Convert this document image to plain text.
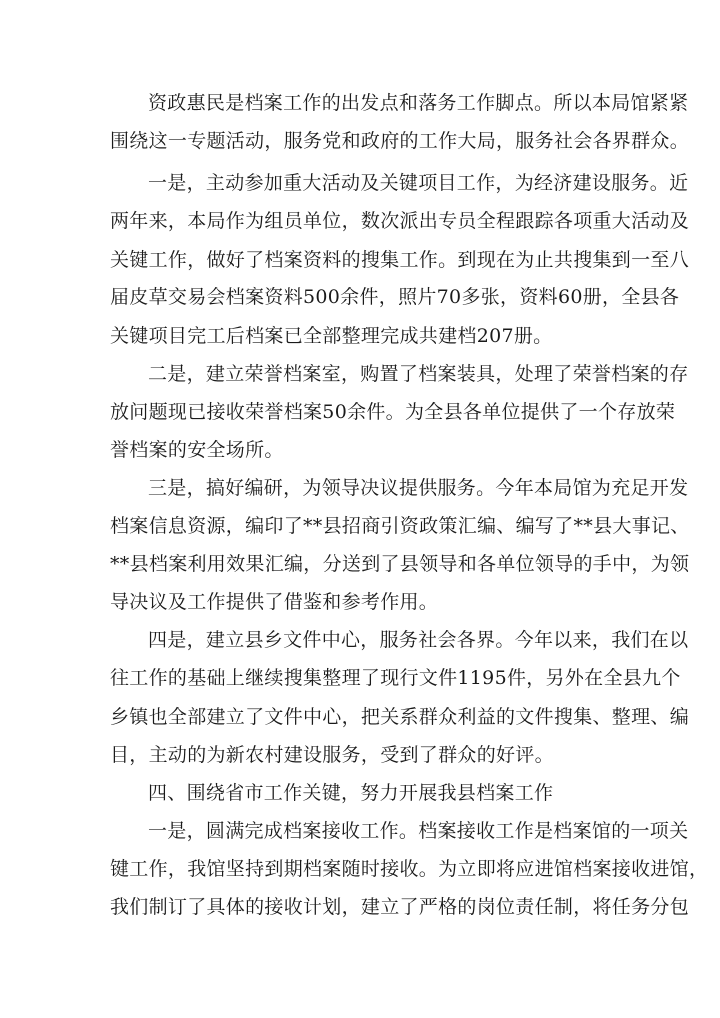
资政惠民是档案工作的出发点和落务工作脚点。所以本局馆紧紧
围绕这一专题活动，服务党和政府的工作大局，服务社会各界群众。
一是，主动参加重大活动及关键项目工作，为经济建设服务。近
两年来，本局作为组员单位，数次派出专员全程跟踪各项重大活动及
关键工作，做好了档案资料的搜集工作。到现在为止共搜集到一至八
届皮草交易会档案资料500余件，照片70多张，资料60册，全县各
关键项目完工后档案已全部整理完成共建档207册。
二是，建立荣誉档案室，购置了档案装具，处理了荣誉档案的存
放问题现已接收荣誉档案50余件。为全县各单位提供了一个存放荣
誉档案的安全场所。
三是，搞好编研，为领导决议提供服务。今年本局馆为充足开发
档案信息资源，编印了**县招商引资政策汇编、编写了**县大事记、
**县档案利用效果汇编，分送到了县领导和各单位领导的手中，为领
导决议及工作提供了借鉴和参考作用。
四是，建立县乡文件中心，服务社会各界。今年以来，我们在以
往工作的基础上继续搜集整理了现行文件1195件，另外在全县九个
乡镇也全部建立了文件中心，把关系群众利益的文件搜集、整理、编
目，主动的为新农村建设服务，受到了群众的好评。
四、围绕省市工作关键，努力开展我县档案工作
一是，圆满完成档案接收工作。档案接收工作是档案馆的一项关
键工作，我馆坚持到期档案随时接收。为立即将应进馆档案接收进馆，
我们制订了具体的接收计划，建立了严格的岗位责任制，将任务分包
